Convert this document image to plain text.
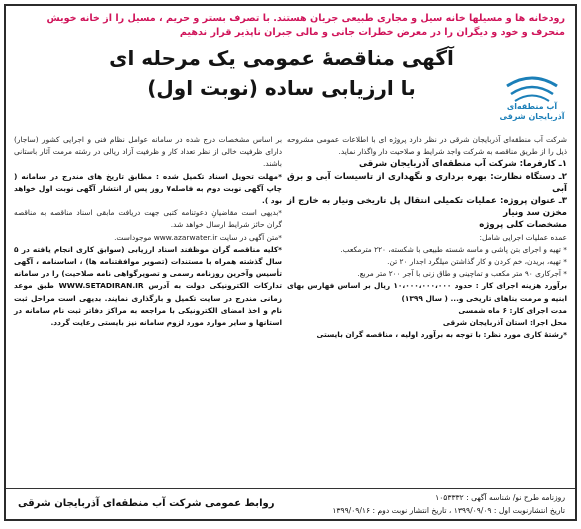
رودخانه ها و مسیلها خانه سیل و مجاری طبیعی جریان هستند. با تصرف بستر و حریم ، مسیل را از خانه خویش منحرف و خود و دیگران را در معرض خطرات جانی و مالی جبران ناپذیر قرار ندهیم
آب منطقه‌ای آذربایجان شرقی
آگهی مناقصهٔ عمومی یک مرحله ای
با ارزیابی ساده (نوبت اول)

شرکت آب منطقه‌ای آذربایجان شرقی در نظر دارد پروژه ای با اطلاعات عمومی مشروحه ذیل را از طریق مناقصه به شرکت واجد شرایط و صلاحیت دار واگذار نماید.

۱ـ کارفرما: شرکت آب منطقه‌ای آذربایجان شرقی

۲ـ دستگاه نظارت: بهره برداری و نگهداری از تاسیسات آبی و برق آبی

۳ـ عنوان پروژه: عملیات تکمیلی انتقال پل تاریخی ونیار به خارج از مخزن سد ونیار

مشخصات کلی پروژه

عمده عملیات اجرایی شامل:

* تهیه و اجرای بتن پاشی و ماسه شسته طبیعی با شکسته، ۲۲۰ مترمکعب.

* تهیه، بریدن، خم کردن و کار گذاشتن میلگرد اجدار ۲۰ تن.

* آجرکاری ۹۰ متر مکعب و تماچینی و طاق زنی با آجر ۲۰۰ متر مربع.

برآورد هزینه اجرای کار : حدود ۱۰،۰۰۰،۰۰۰،۰۰۰ ریال بر اساس فهارس بهای ابنیه و مرمت بناهای تاریخی و... ( سال ۱۳۹۹)

مدت اجرای کار: ۶ ماه شمسی

محل اجرا: استان آذربایجان شرقی

*رشتهٔ کاری مورد نظر: با توجه به برآورد اولیه ، مناقصه گران بایستی

بر اساس مشخصات درج شده در سامانه عوامل نظام فنی و اجرایی کشور (ساجار) دارای ظرفیت خالی از نظر تعداد کار و ظرفیت آزاد ریالی در رشته مرمت آثار باستانی باشند.

*مهلت تحویل اسناد تکمیل شده : مطابق تاریخ های مندرج در سامانه ( چاپ آگهی نوبت دوم به فاصله۷ روز پس از انتشار آگهی نوبت اول خواهد بود ).

*بدیهی است مقاضیانِ دعوتنامه کتبی جهت دریافت مابقی اسناد مناقصه به مناقصه گران حائز شرایط ارسال خواهد شد.

*متن آگهی در سایت www.azarwater.ir موجوداست.

*کلیه مناقصه گران موظفند اسناد ارزیابی (سوابق کاری انجام یافته در ۵ سال گذشته همراه با مستندات (تصویر موافقتنامه ها) ، اساسنامه ، آگهی تأسیس وآخرین روزنامه رسمی و تصویرگواهی نامه صلاحیت) را در سامانه تدارکات الکترونیکی دولت به آدرس WWW.SETADIRAN.IR طبق موعد زمانی مندرج در سایت تکمیل و بارگذاری نمایند. بدیهی است مراحل ثبت نام و اخذ امضای الکترونیکی با مراجعه به مراکز دفاتر ثبت نام سامانه در استانها و سایر موارد مورد لزوم سامانه نیز بایستی رعایت گردد.

روزنامه طرح نو/ شناسه آگهی : ۱۰۵۳۳۳۲
تاریخ انتشارنوبت اول : ۱۳۹۹/۰۹/۰۹ ، تاریخ انتشار نوبت دوم : ۱۳۹۹/۰۹/۱۶
روابط عمومی شرکت آب منطقه‌ای آذربایجان شرقی
